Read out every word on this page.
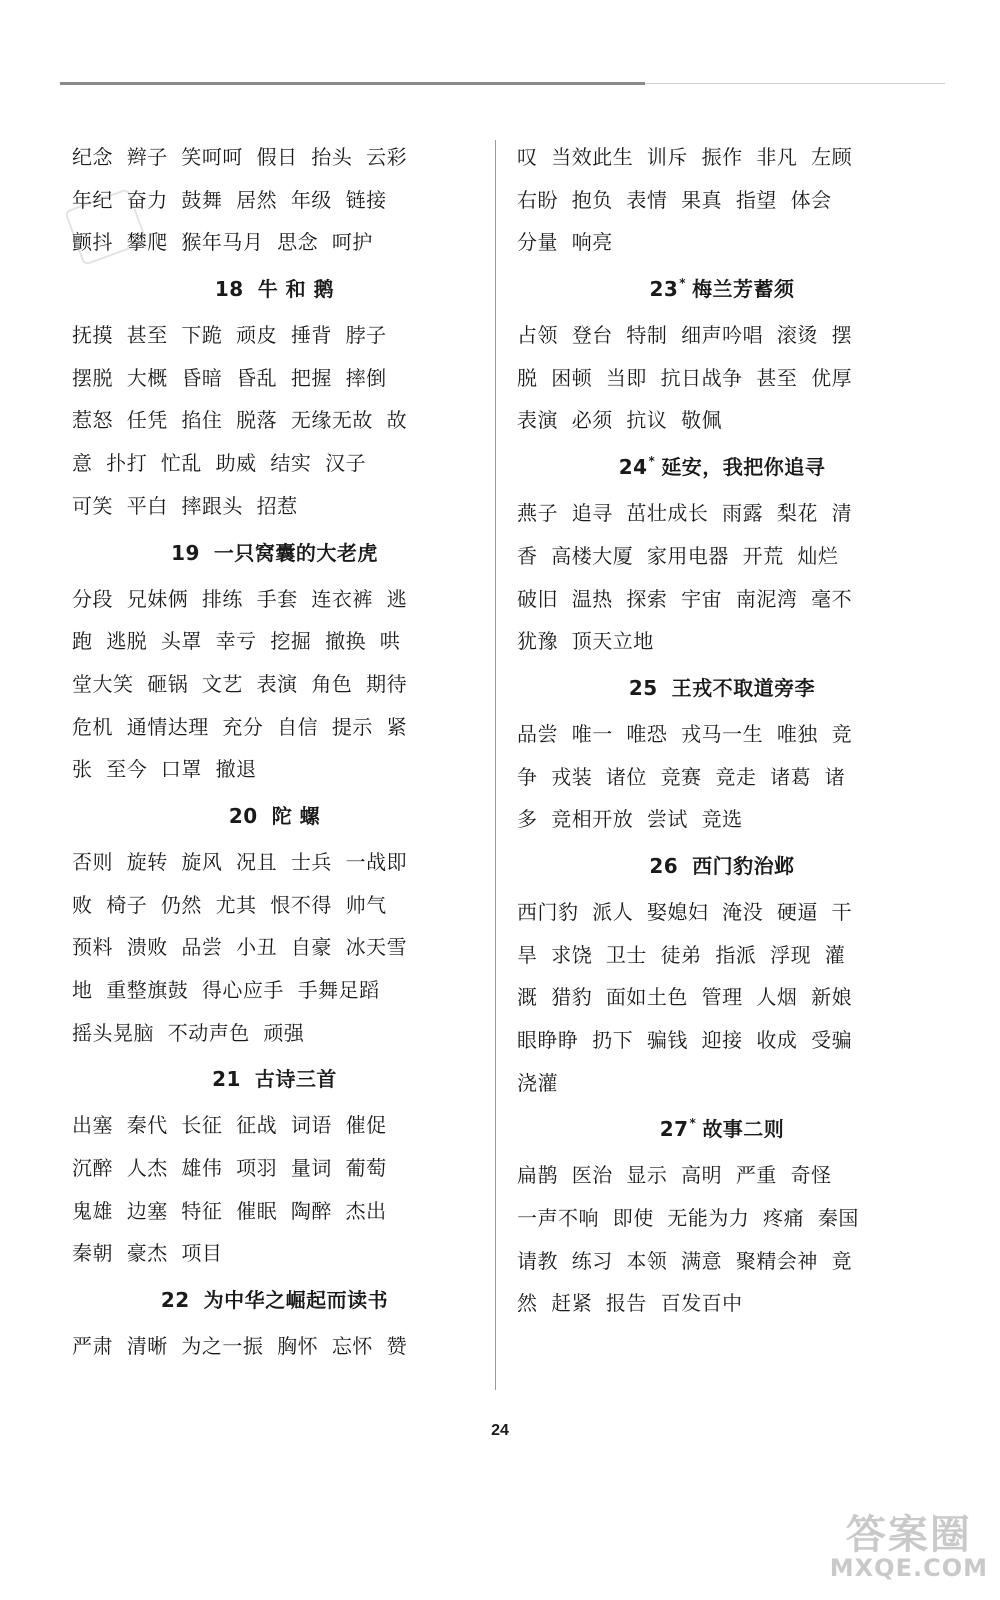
纪念  辫子  笑呵呵  假日  抬头  云彩
年纪  奋力  鼓舞  居然  年级  链接
颤抖  攀爬  猴年马月  思念  呵护
18 牛 和 鹅
抚摸  甚至  下跪  顽皮  捶背  脖子
摆脱  大概  昏暗  昏乱  把握  摔倒
惹怒  任凭  掐住  脱落  无缘无故  故
意  扑打  忙乱  助威  结实  汉子
可笑  平白  摔跟头  招惹
19 一只窝囊的大老虎
分段  兄妹俩  排练  手套  连衣裤  逃
跑  逃脱  头罩  幸亏  挖掘  撤换  哄
堂大笑  砸锅  文艺  表演  角色  期待
危机  通情达理  充分  自信  提示  紧
张  至今  口罩  撤退
20 陀 螺
否则  旋转  旋风  况且  士兵  一战即
败  椅子  仍然  尤其  恨不得  帅气
预料  溃败  品尝  小丑  自豪  冰天雪
地  重整旗鼓  得心应手  手舞足蹈
摇头晃脑  不动声色  顽强
21 古诗三首
出塞  秦代  长征  征战  词语  催促
沉醉  人杰  雄伟  项羽  量词  葡萄
鬼雄  边塞  特征  催眠  陶醉  杰出
秦朝  豪杰  项目
22 为中华之崛起而读书
严肃  清晰  为之一振  胸怀  忘怀  赞
叹  当效此生  训斥  振作  非凡  左顾
右盼  抱负  表情  果真  指望  体会
分量  响亮
23* 梅兰芳蓄须
占领  登台  特制  细声吟唱  滚烫  摆
脱  困顿  当即  抗日战争  甚至  优厚
表演  必须  抗议  敬佩
24* 延安，我把你追寻
燕子  追寻  茁壮成长  雨露  梨花  清
香  高楼大厦  家用电器  开荒  灿烂
破旧  温热  探索  宇宙  南泥湾  毫不
犹豫  顶天立地
25 王戎不取道旁李
品尝  唯一  唯恐  戎马一生  唯独  竞
争  戎装  诸位  竞赛  竞走  诸葛  诸
多  竞相开放  尝试  竞选
26 西门豹治邺
西门豹  派人  娶媳妇  淹没  硬逼  干
旱  求饶  卫士  徒弟  指派  浮现  灌
溉  猎豹  面如土色  管理  人烟  新娘
眼睁睁  扔下  骗钱  迎接  收成  受骗
浇灌
27* 故事二则
扁鹊  医治  显示  高明  严重  奇怪
一声不响  即使  无能为力  疼痛  秦国
请教  练习  本领  满意  聚精会神  竟
然  赶紧  报告  百发百中
24
答案圈
MXQE.COM
